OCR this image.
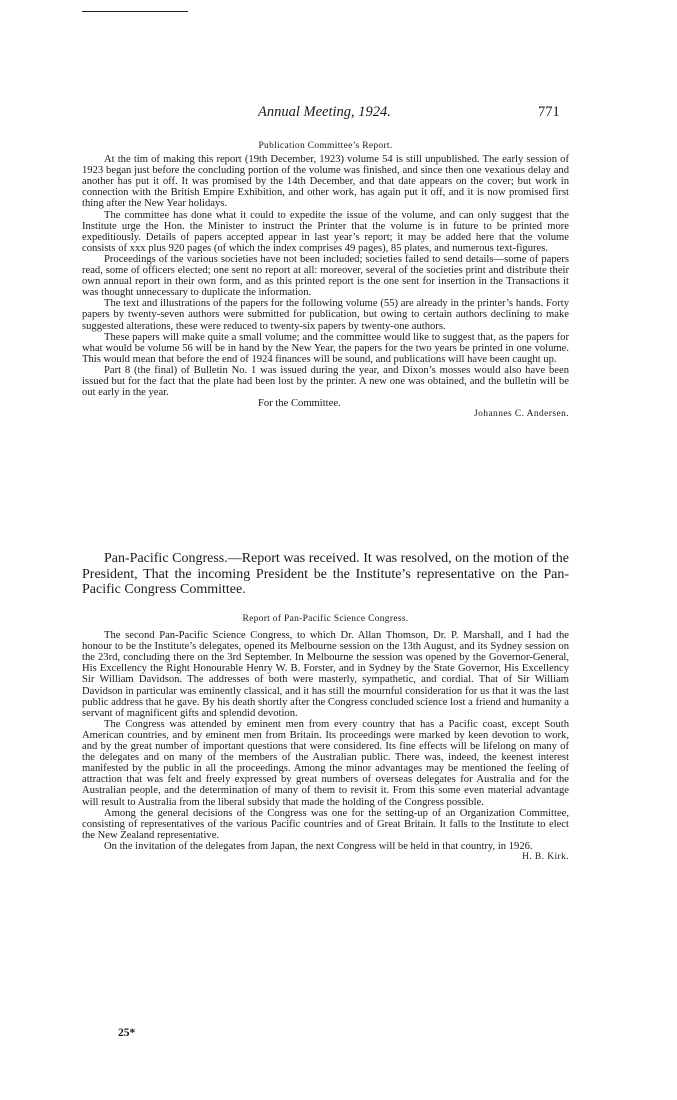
Annual Meeting, 1924.	771

Publication Committee’s Report.

At the tim of making this report (19th December, 1923) volume 54 is still unpublished. The early session of 1923 began just before the concluding portion of the volume was finished, and since then one vexatious delay and another has put it off. It was promised by the 14th December, and that date appears on the cover; but work in connection with the British Empire Exhibition, and other work, has again put it off, and it is now promised first thing after the New Year holidays.

The committee has done what it could to expedite the issue of the volume, and can only suggest that the Institute urge the Hon. the Minister to instruct the Printer that the volume is in future to be printed more expeditiously. Details of papers accepted appear in last year’s report; it may be added here that the volume consists of xxx plus 920 pages (of which the index comprises 49 pages), 85 plates, and numerous text-figures.

Proceedings of the various societies have not been included; societies failed to send details—some of papers read, some of officers elected; one sent no report at all: moreover, several of the societies print and distribute their own annual report in their own form, and as this printed report is the one sent for insertion in the Transactions it was thought unnecessary to duplicate the information.

The text and illustrations of the papers for the following volume (55) are already in the printer’s hands. Forty papers by twenty-seven authors were submitted for publication, but owing to certain authors declining to make suggested alterations, these were reduced to twenty-six papers by twenty-one authors.

These papers will make quite a small volume; and the committee would like to suggest that, as the papers for what would be volume 56 will be in hand by the New Year, the papers for the two years be printed in one volume. This would mean that before the end of 1924 finances will be sound, and publications will have been caught up.

Part 8 (the final) of Bulletin No. 1 was issued during the year, and Dixon’s mosses would also have been issued but for the fact that the plate had been lost by the printer. A new one was obtained, and the bulletin will be out early in the year.

For the Committee.

Johannes C. Andersen.

Pan-Pacific Congress.—Report was received. It was resolved, on the motion of the President, That the incoming President be the Institute’s representative on the Pan-Pacific Congress Committee.

Report of Pan-Pacific Science Congress.

The second Pan-Pacific Science Congress, to which Dr. Allan Thomson, Dr. P. Marshall, and I had the honour to be the Institute’s delegates, opened its Melbourne session on the 13th August, and its Sydney session on the 23rd, concluding there on the 3rd September. In Melbourne the session was opened by the Governor-General, His Excellency the Right Honourable Henry W. B. Forster, and in Sydney by the State Governor, His Excellency Sir William Davidson. The addresses of both were masterly, sympathetic, and cordial. That of Sir William Davidson in particular was eminently classical, and it has still the mournful consideration for us that it was the last public address that he gave. By his death shortly after the Congress concluded science lost a friend and humanity a servant of magnificent gifts and splendid devotion.

The Congress was attended by eminent men from every country that has a Pacific coast, except South American countries, and by eminent men from Britain. Its proceedings were marked by keen devotion to work, and by the great number of important questions that were considered. Its fine effects will be lifelong on many of the delegates and on many of the members of the Australian public. There was, indeed, the keenest interest manifested by the public in all the proceedings. Among the minor advantages may be mentioned the feeling of attraction that was felt and freely expressed by great numbers of overseas delegates for Australia and for the Australian people, and the determination of many of them to revisit it. From this some even material advantage will result to Australia from the liberal subsidy that made the holding of the Congress possible.

Among the general decisions of the Congress was one for the setting-up of an Organization Committee, consisting of representatives of the various Pacific countries and of Great Britain. It falls to the Institute to elect the New Zealand representative.

On the invitation of the delegates from Japan, the next Congress will be held in that country, in 1926.

H. B. Kirk.

25*
